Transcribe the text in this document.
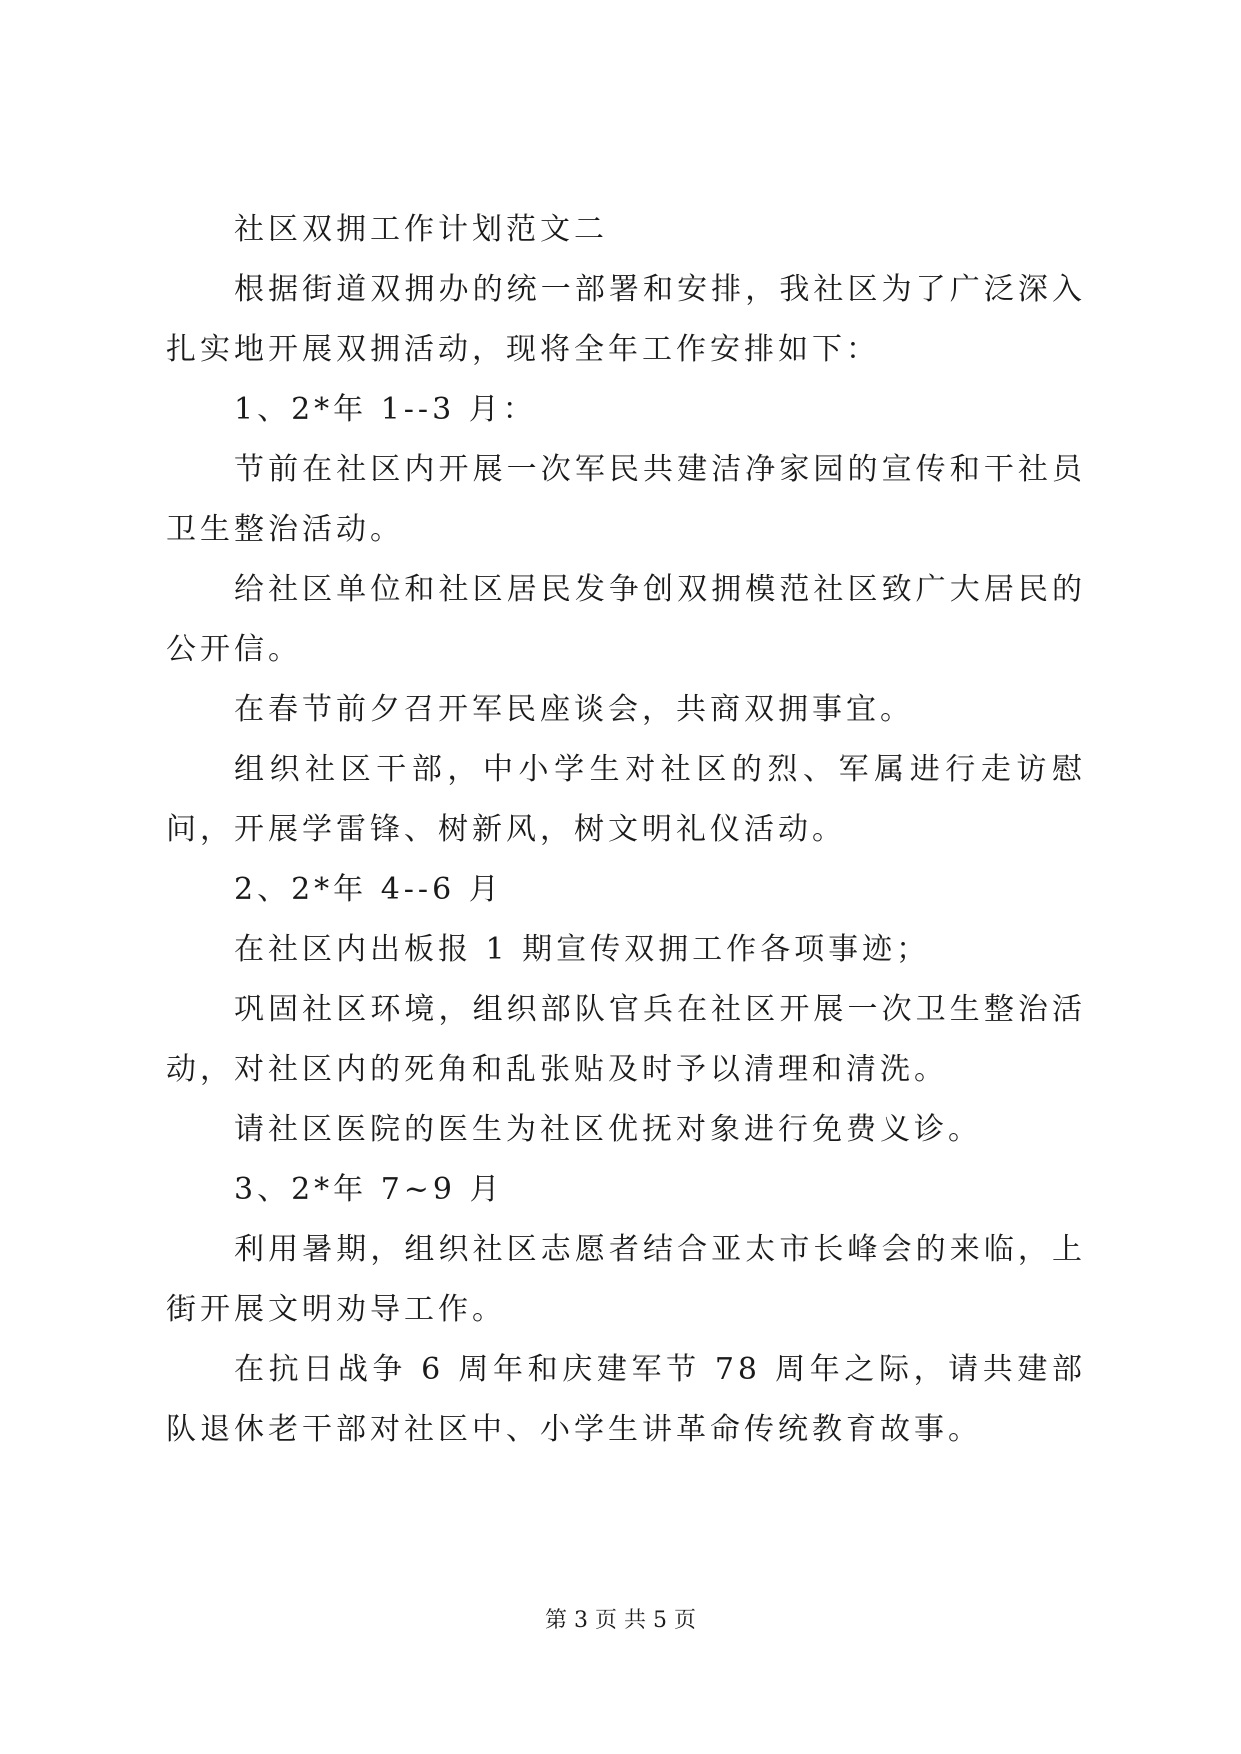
社区双拥工作计划范文二

根据街道双拥办的统一部署和安排，我社区为了广泛深入扎实地开展双拥活动，现将全年工作安排如下：

1、2*年 1--3 月：

节前在社区内开展一次军民共建洁净家园的宣传和干社员卫生整治活动。

给社区单位和社区居民发争创双拥模范社区致广大居民的公开信。

在春节前夕召开军民座谈会，共商双拥事宜。

组织社区干部，中小学生对社区的烈、军属进行走访慰问，开展学雷锋、树新风，树文明礼仪活动。

2、2*年 4--6 月

在社区内出板报 1 期宣传双拥工作各项事迹；

巩固社区环境，组织部队官兵在社区开展一次卫生整治活动，对社区内的死角和乱张贴及时予以清理和清洗。

请社区医院的医生为社区优抚对象进行免费义诊。

3、2*年 7~9 月

利用暑期，组织社区志愿者结合亚太市长峰会的来临，上街开展文明劝导工作。

在抗日战争 6 周年和庆建军节 78 周年之际，请共建部队退休老干部对社区中、小学生讲革命传统教育故事。

第 3 页 共 5 页
